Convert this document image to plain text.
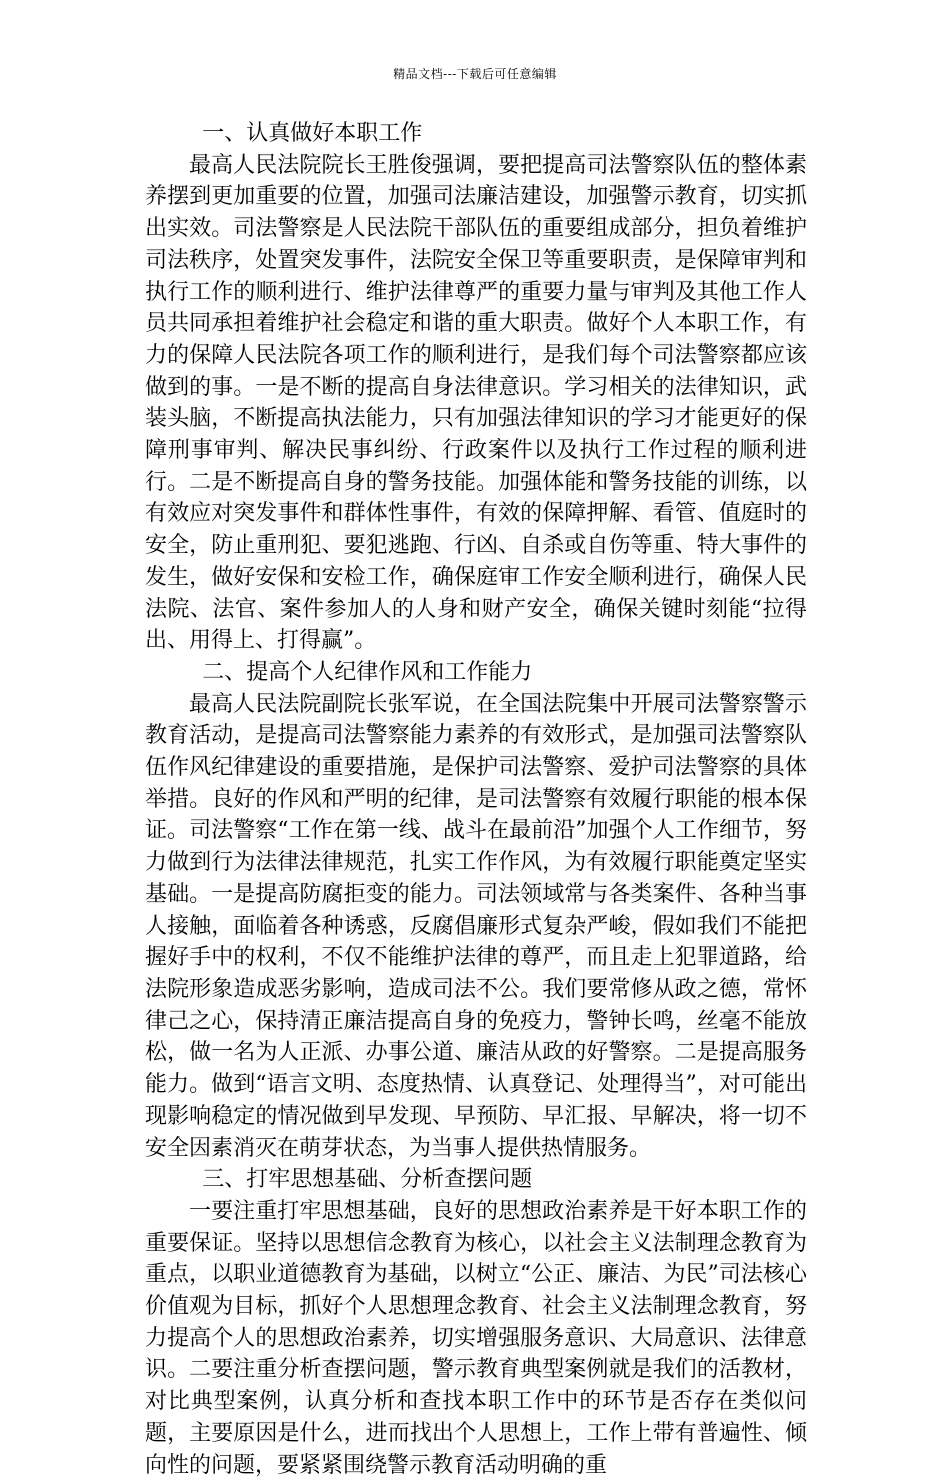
精品文档---下载后可任意编辑
一、认真做好本职工作

最高人民法院院长王胜俊强调，要把提高司法警察队伍的整体素养摆到更加重要的位置，加强司法廉洁建设，加强警示教育，切实抓出实效。司法警察是人民法院干部队伍的重要组成部分，担负着维护司法秩序，处置突发事件，法院安全保卫等重要职责，是保障审判和执行工作的顺利进行、维护法律尊严的重要力量与审判及其他工作人员共同承担着维护社会稳定和谐的重大职责。做好个人本职工作，有力的保障人民法院各项工作的顺利进行，是我们每个司法警察都应该做到的事。一是不断的提高自身法律意识。学习相关的法律知识，武装头脑，不断提高执法能力，只有加强法律知识的学习才能更好的保障刑事审判、解决民事纠纷、行政案件以及执行工作过程的顺利进行。二是不断提高自身的警务技能。加强体能和警务技能的训练，以有效应对突发事件和群体性事件，有效的保障押解、看管、值庭时的安全，防止重刑犯、要犯逃跑、行凶、自杀或自伤等重、特大事件的发生，做好安保和安检工作，确保庭审工作安全顺利进行，确保人民法院、法官、案件参加人的人身和财产安全，确保关键时刻能“拉得出、用得上、打得赢”。

二、提高个人纪律作风和工作能力

最高人民法院副院长张军说，在全国法院集中开展司法警察警示教育活动，是提高司法警察能力素养的有效形式，是加强司法警察队伍作风纪律建设的重要措施，是保护司法警察、爱护司法警察的具体举措。良好的作风和严明的纪律，是司法警察有效履行职能的根本保证。司法警察“工作在第一线、战斗在最前沿”加强个人工作细节，努力做到行为法律法律规范，扎实工作作风，为有效履行职能奠定坚实基础。一是提高防腐拒变的能力。司法领域常与各类案件、各种当事人接触，面临着各种诱惑，反腐倡廉形式复杂严峻，假如我们不能把握好手中的权利，不仅不能维护法律的尊严，而且走上犯罪道路，给法院形象造成恶劣影响，造成司法不公。我们要常修从政之德，常怀律己之心，保持清正廉洁提高自身的免疫力，警钟长鸣，丝毫不能放松，做一名为人正派、办事公道、廉洁从政的好警察。二是提高服务能力。做到“语言文明、态度热情、认真登记、处理得当”，对可能出现影响稳定的情况做到早发现、早预防、早汇报、早解决，将一切不安全因素消灭在萌芽状态，为当事人提供热情服务。

三、打牢思想基础、分析查摆问题

一要注重打牢思想基础，良好的思想政治素养是干好本职工作的重要保证。坚持以思想信念教育为核心，以社会主义法制理念教育为重点，以职业道德教育为基础，以树立“公正、廉洁、为民”司法核心价值观为目标，抓好个人思想理念教育、社会主义法制理念教育，努力提高个人的思想政治素养，切实增强服务意识、大局意识、法律意识。二要注重分析查摆问题，警示教育典型案例就是我们的活教材，对比典型案例，认真分析和查找本职工作中的环节是否存在类似问题，主要原因是什么，进而找出个人思想上，工作上带有普遍性、倾向性的问题，要紧紧围绕警示教育活动明确的重
